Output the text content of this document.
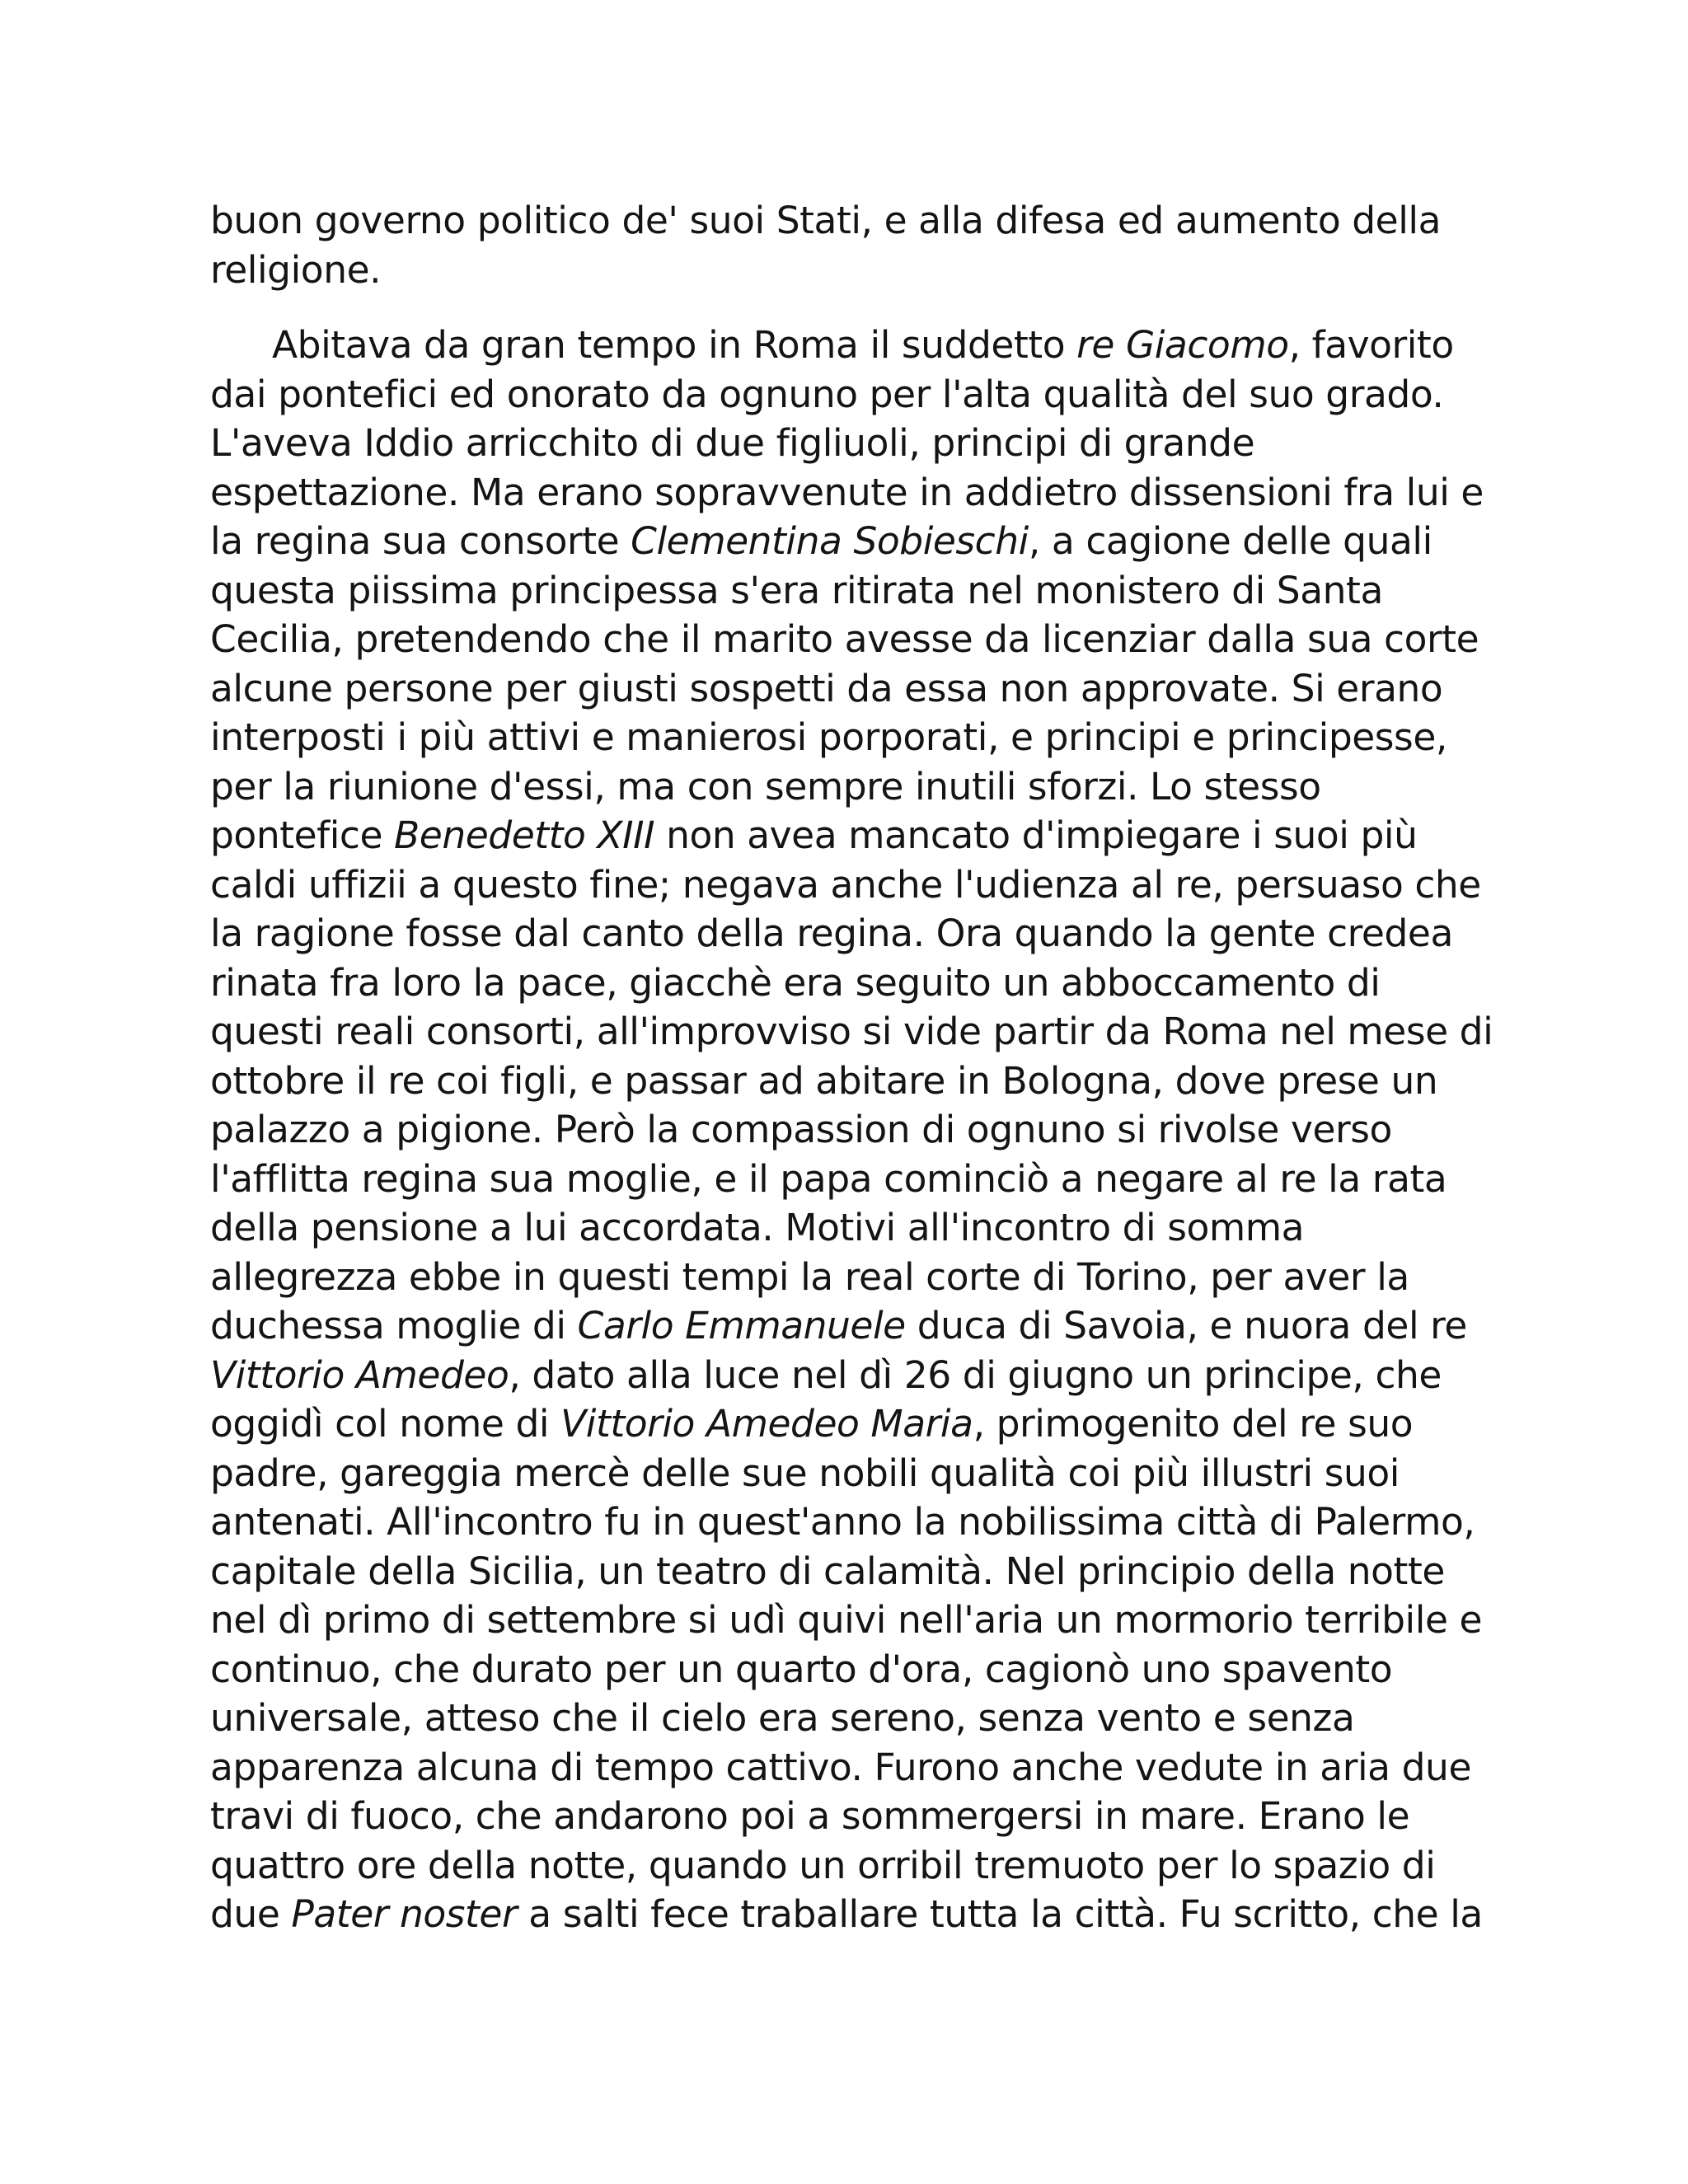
buon governo politico de' suoi Stati, e alla difesa ed aumento della
religione.
Abitava da gran tempo in Roma il suddetto re Giacomo, favorito
dai pontefici ed onorato da ognuno per l'alta qualità del suo grado.
L'aveva Iddio arricchito di due figliuoli, principi di grande
espettazione. Ma erano sopravvenute in addietro dissensioni fra lui e
la regina sua consorte Clementina Sobieschi, a cagione delle quali
questa piissima principessa s'era ritirata nel monistero di Santa
Cecilia, pretendendo che il marito avesse da licenziar dalla sua corte
alcune persone per giusti sospetti da essa non approvate. Si erano
interposti i più attivi e manierosi porporati, e principi e principesse,
per la riunione d'essi, ma con sempre inutili sforzi. Lo stesso
pontefice Benedetto XIII non avea mancato d'impiegare i suoi più
caldi uffizii a questo fine; negava anche l'udienza al re, persuaso che
la ragione fosse dal canto della regina. Ora quando la gente credea
rinata fra loro la pace, giacchè era seguito un abboccamento di
questi reali consorti, all'improvviso si vide partir da Roma nel mese di
ottobre il re coi figli, e passar ad abitare in Bologna, dove prese un
palazzo a pigione. Però la compassion di ognuno si rivolse verso
l'afflitta regina sua moglie, e il papa cominciò a negare al re la rata
della pensione a lui accordata. Motivi all'incontro di somma
allegrezza ebbe in questi tempi la real corte di Torino, per aver la
duchessa moglie di Carlo Emmanuele duca di Savoia, e nuora del re
Vittorio Amedeo, dato alla luce nel dì 26 di giugno un principe, che
oggidì col nome di Vittorio Amedeo Maria, primogenito del re suo
padre, gareggia mercè delle sue nobili qualità coi più illustri suoi
antenati. All'incontro fu in quest'anno la nobilissima città di Palermo,
capitale della Sicilia, un teatro di calamità. Nel principio della notte
nel dì primo di settembre si udì quivi nell'aria un mormorio terribile e
continuo, che durato per un quarto d'ora, cagionò uno spavento
universale, atteso che il cielo era sereno, senza vento e senza
apparenza alcuna di tempo cattivo. Furono anche vedute in aria due
travi di fuoco, che andarono poi a sommergersi in mare. Erano le
quattro ore della notte, quando un orribil tremuoto per lo spazio di
due Pater noster a salti fece traballare tutta la città. Fu scritto, che la
